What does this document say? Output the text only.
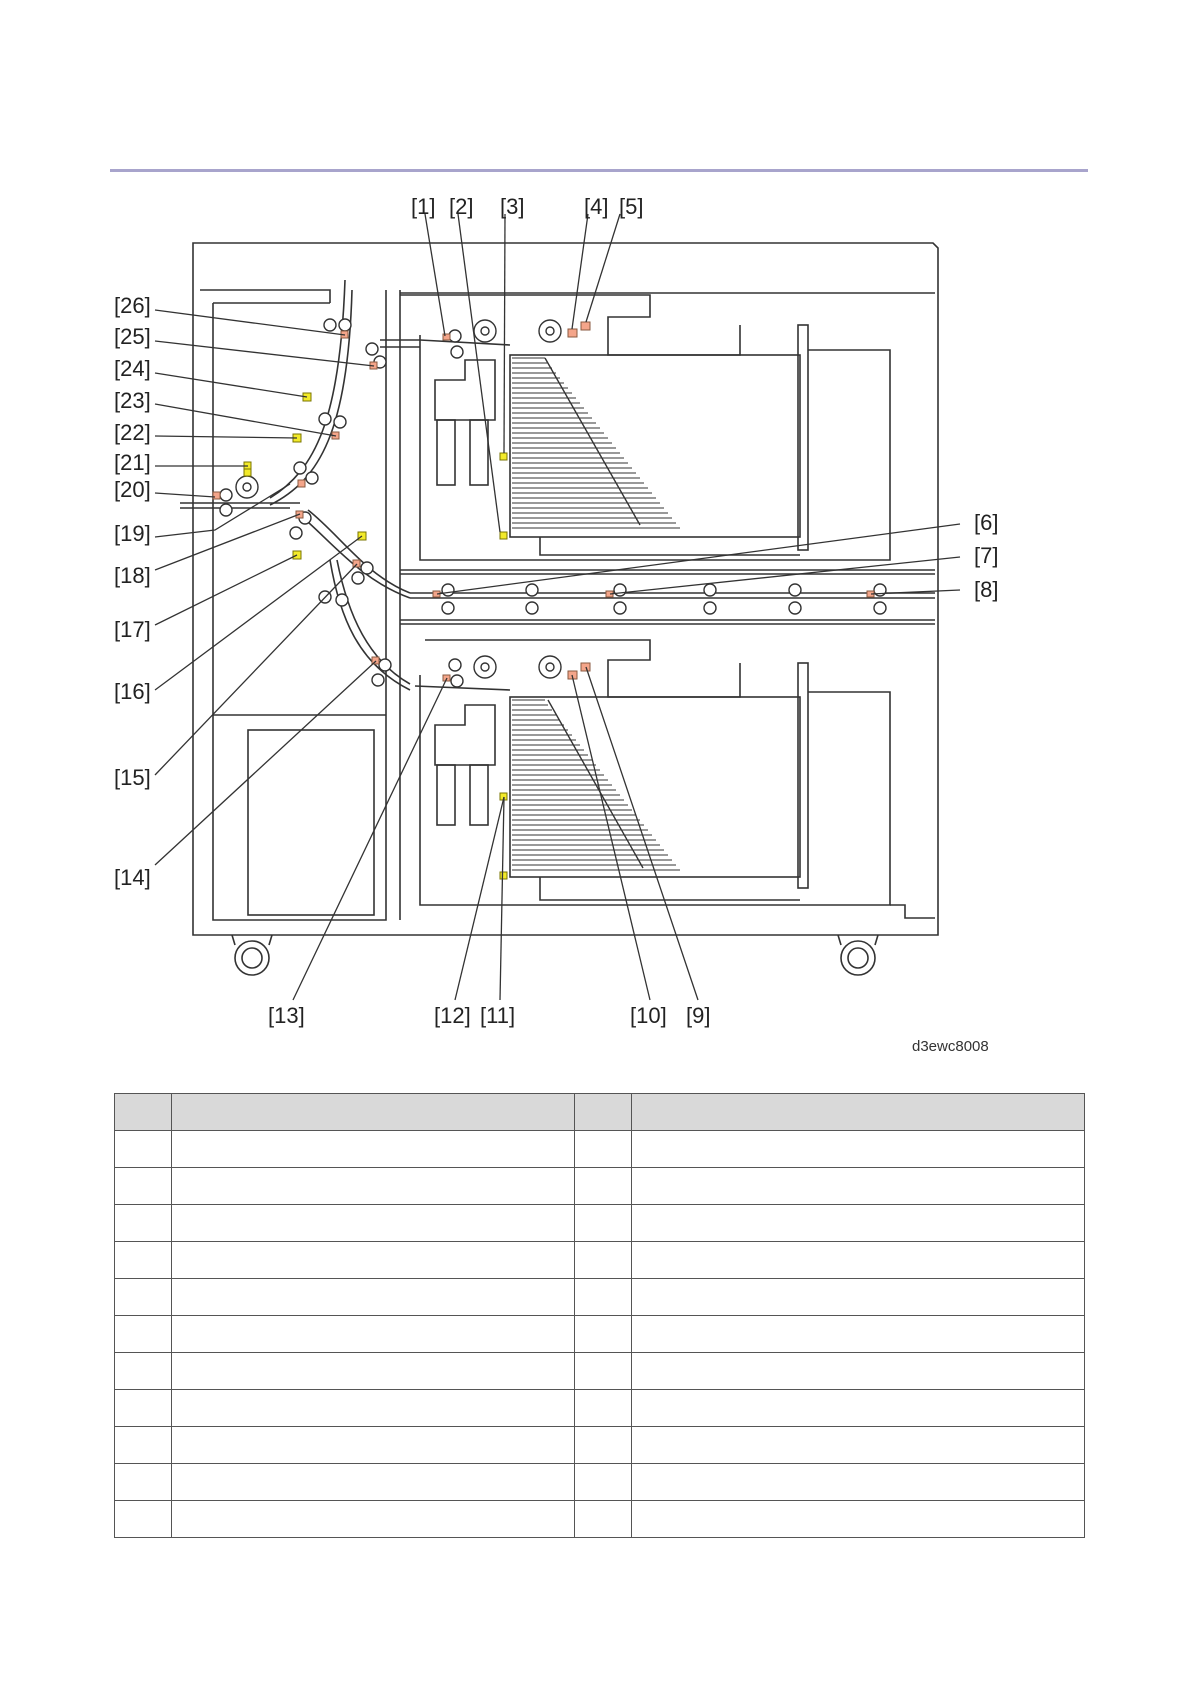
[1] [2] [3]	[4] [5]
[6]
[7]
[8]
[9]
[10]
[11]
[12]
[13]
[14]
[15]
[16]
[17]
[18]
[19]
[20]
[21]
[22]
[23]
[24]
[25]
[26]
d3ewc8008
